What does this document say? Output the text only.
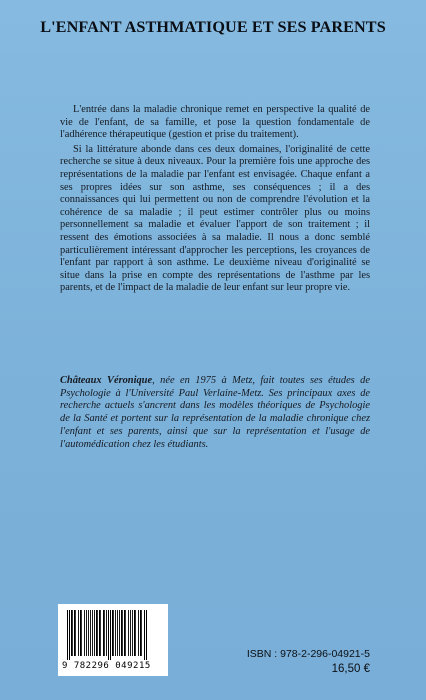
L'ENFANT ASTHMATIQUE ET SES PARENTS

L'entrée dans la maladie chronique remet en perspective la qualité de vie de l'enfant, de sa famille, et pose la question fondamentale de l'adhérence thérapeutique (gestion et prise du traitement).

Si la littérature abonde dans ces deux domaines, l'originalité de cette recherche se situe à deux niveaux. Pour la première fois une approche des représentations de la maladie par l'enfant est envisagée. Chaque enfant a ses propres idées sur son asthme, ses conséquences ; il a des connaissances qui lui permettent ou non de comprendre l'évolution et la cohérence de sa maladie ; il peut estimer contrôler plus ou moins personnellement sa maladie et évaluer l'apport de son traitement ; il ressent des émotions associées à sa maladie. Il nous a donc semblé particulièrement intéressant d'approcher les perceptions, les croyances de l'enfant par rapport à son asthme. Le deuxième niveau d'originalité se situe dans la prise en compte des représentations de l'asthme par les parents, et de l'impact de la maladie de leur enfant sur leur propre vie.

Châteaux Véronique, née en 1975 à Metz, fait toutes ses études de Psychologie à l'Université Paul Verlaine-Metz. Ses principaux axes de recherche actuels s'ancrent dans les modèles théoriques de Psychologie de la Santé et portent sur la représentation de la maladie chronique chez l'enfant et ses parents, ainsi que sur la représentation et l'usage de l'automédication chez les étudiants.

9 782296 049215
ISBN : 978-2-296-04921-5
16,50 €
